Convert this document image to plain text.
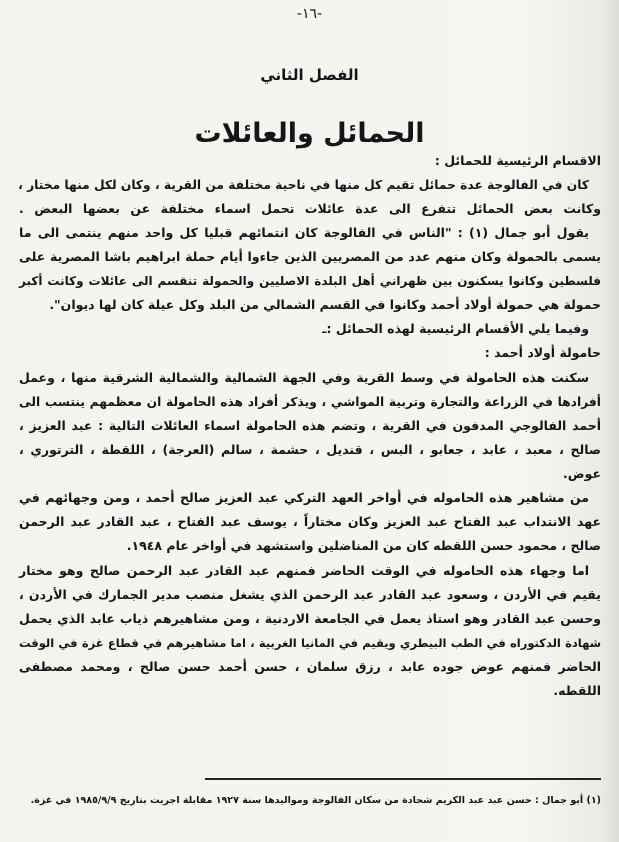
-١٦-
الفصل الثاني
الحمائل والعائلات
الاقسام الرئيسية للحمائل :
كان في الفالوجة عدة حمائل تقيم كل منها في ناحية مختلفة من القرية ، وكان لكل منها مختار ،
وكانت بعض الحمائل تتفرع الى عدة عائلات تحمل اسماء مختلفة عن بعضها البعض .
يقول أبو جمال (١) : "الناس في الفالوجة كان انتمائهم قبليا كل واحد منهم ينتمى الى ما
يسمى بالحمولة وكان منهم عدد من المصريين الذين جاءوا أيام حملة ابراهيم باشا المصرية على
فلسطين وكانوا يسكنون بين ظهراني أهل البلدة الاصليين والحمولة تنقسم الى عائلات وكانت أكبر
حمولة هي حمولة أولاد أحمد وكانوا في القسم الشمالي من البلد وكل عيلة كان لها ديوان".
وفيما يلي الأقسام الرئيسية لهذه الحمائل :ـ
حامولة أولاد أحمد :
سكنت هذه الحامولة في وسط القرية وفي الجهة الشمالية والشمالية الشرقية منها ، وعمل
أفرادها في الزراعة والتجارة وتربية المواشي ، ويذكر أفراد هذه الحامولة ان معظمهم ينتسب الى
أحمد الفالوجي المدفون في القرية ، وتضم هذه الحامولة اسماء العائلات التالية : عبد العزيز ،
صالح ، معبد ، عابد ، جعابو ، البس ، قنديل ، حشمة ، سالم (العرجة) ، اللقطة ، الترتوري ،
عوض.
من مشاهير هذه الحاموله في أواخر العهد التركي عبد العزيز صالح أحمد ، ومن وجهائهم في
عهد الانتداب عبد الفتاح عبد العزيز وكان مختاراً ، يوسف عبد الفتاح ، عبد القادر عبد الرحمن
صالح ، محمود حسن اللقطه كان من المناضلين واستشهد في أواخر عام ١٩٤٨.
اما وجهاء هذه الحاموله في الوقت الحاضر فمنهم عبد القادر عبد الرحمن صالح وهو مختار
يقيم في الأردن ، وسعود عبد القادر عبد الرحمن الذي يشغل منصب مدير الجمارك في الأردن ،
وحسن عبد القادر وهو استاذ يعمل في الجامعة الاردنية ، ومن مشاهيرهم ذياب عابد الذي يحمل
شهادة الدكتوراه في الطب البيطري ويقيم في المانيا الغربية ، اما مشاهيرهم في قطاع غزة في الوقت
الحاضر فمنهم عوض جوده عابد ، رزق سلمان ، حسن أحمد حسن صالح ، ومحمد مصطفى
اللقطه.
(١) أبو جمال : حسن عبد عبد الكريم شحادة من سكان الفالوجة ومواليدها سنة ١٩٢٧ مقابلة اجريت بتاريخ ١٩٨٥/٩/٩ في غزة.
